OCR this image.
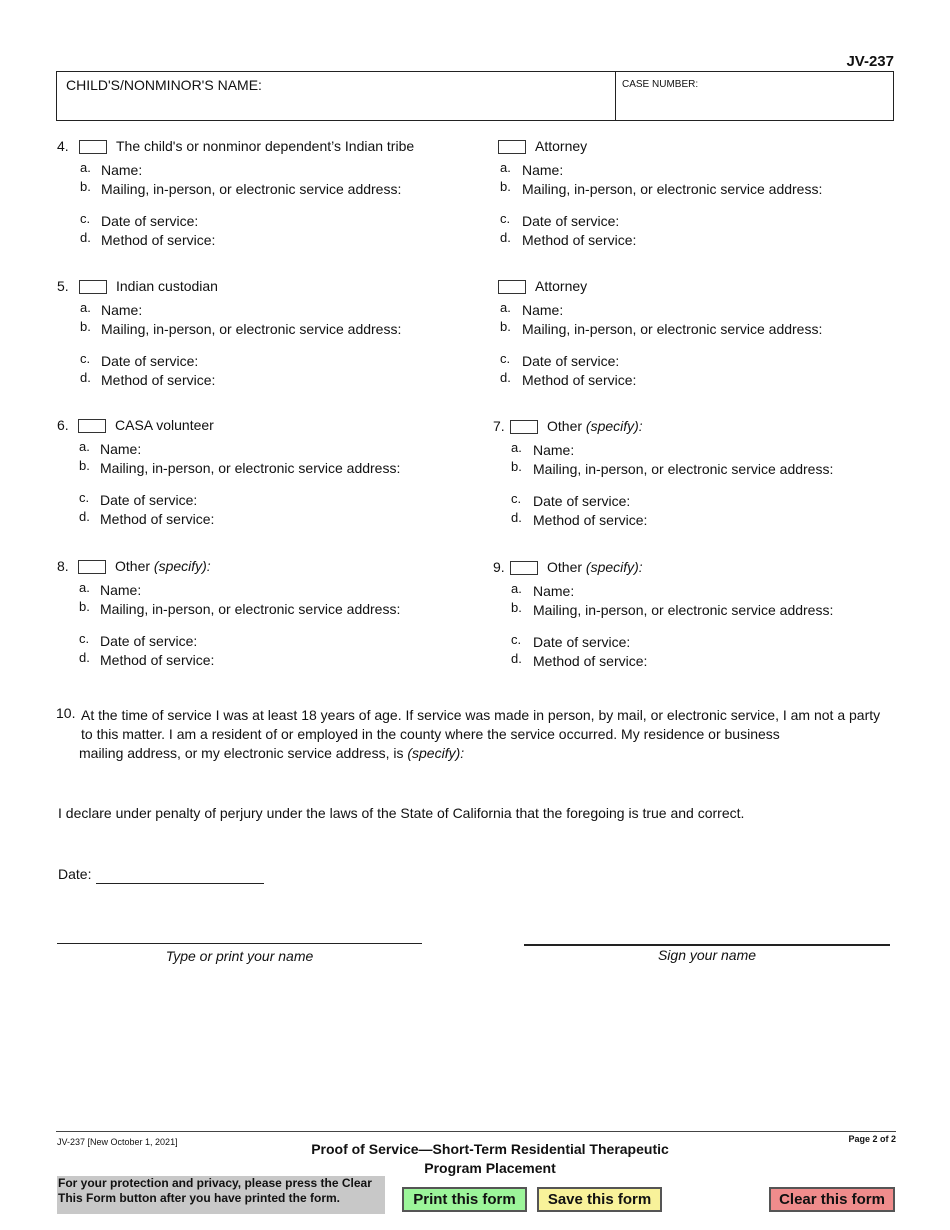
JV-237
CHILD'S/NONMINOR'S NAME:	CASE NUMBER:
4.	The child's or nonminor dependent’s Indian tribe
a. Name:
b. Mailing, in-person, or electronic service address:
c. Date of service:
d. Method of service:
Attorney
a. Name:
b. Mailing, in-person, or electronic service address:
c. Date of service:
d. Method of service:
5.	Indian custodian
a. Name:
b. Mailing, in-person, or electronic service address:
c. Date of service:
d. Method of service:
Attorney
a. Name:
b. Mailing, in-person, or electronic service address:
c. Date of service:
d. Method of service:
6.	CASA volunteer
a. Name:
b. Mailing, in-person, or electronic service address:
c. Date of service:
d. Method of service:
7.	Other (specify):
a. Name:
b. Mailing, in-person, or electronic service address:
c. Date of service:
d. Method of service:
8.	Other (specify):
a. Name:
b. Mailing, in-person, or electronic service address:
c. Date of service:
d. Method of service:
9.	Other (specify):
a. Name:
b. Mailing, in-person, or electronic service address:
c. Date of service:
d. Method of service:
10. At the time of service I was at least 18 years of age. If service was made in person, by mail, or electronic service, I am not a party
to this matter. I am a resident of or employed in the county where the service occurred. My residence or business
mailing address, or my electronic service address, is (specify):
I declare under penalty of perjury under the laws of the State of California that the foregoing is true and correct.
Date:
Type or print your name	Sign your name
JV-237 [New October 1, 2021]	Proof of Service—Short-Term Residential Therapeutic
Program Placement
Page 2 of 2
For your protection and privacy, please press the Clear
This Form button after you have printed the form.	Print this form	Save this form	Clear this form
